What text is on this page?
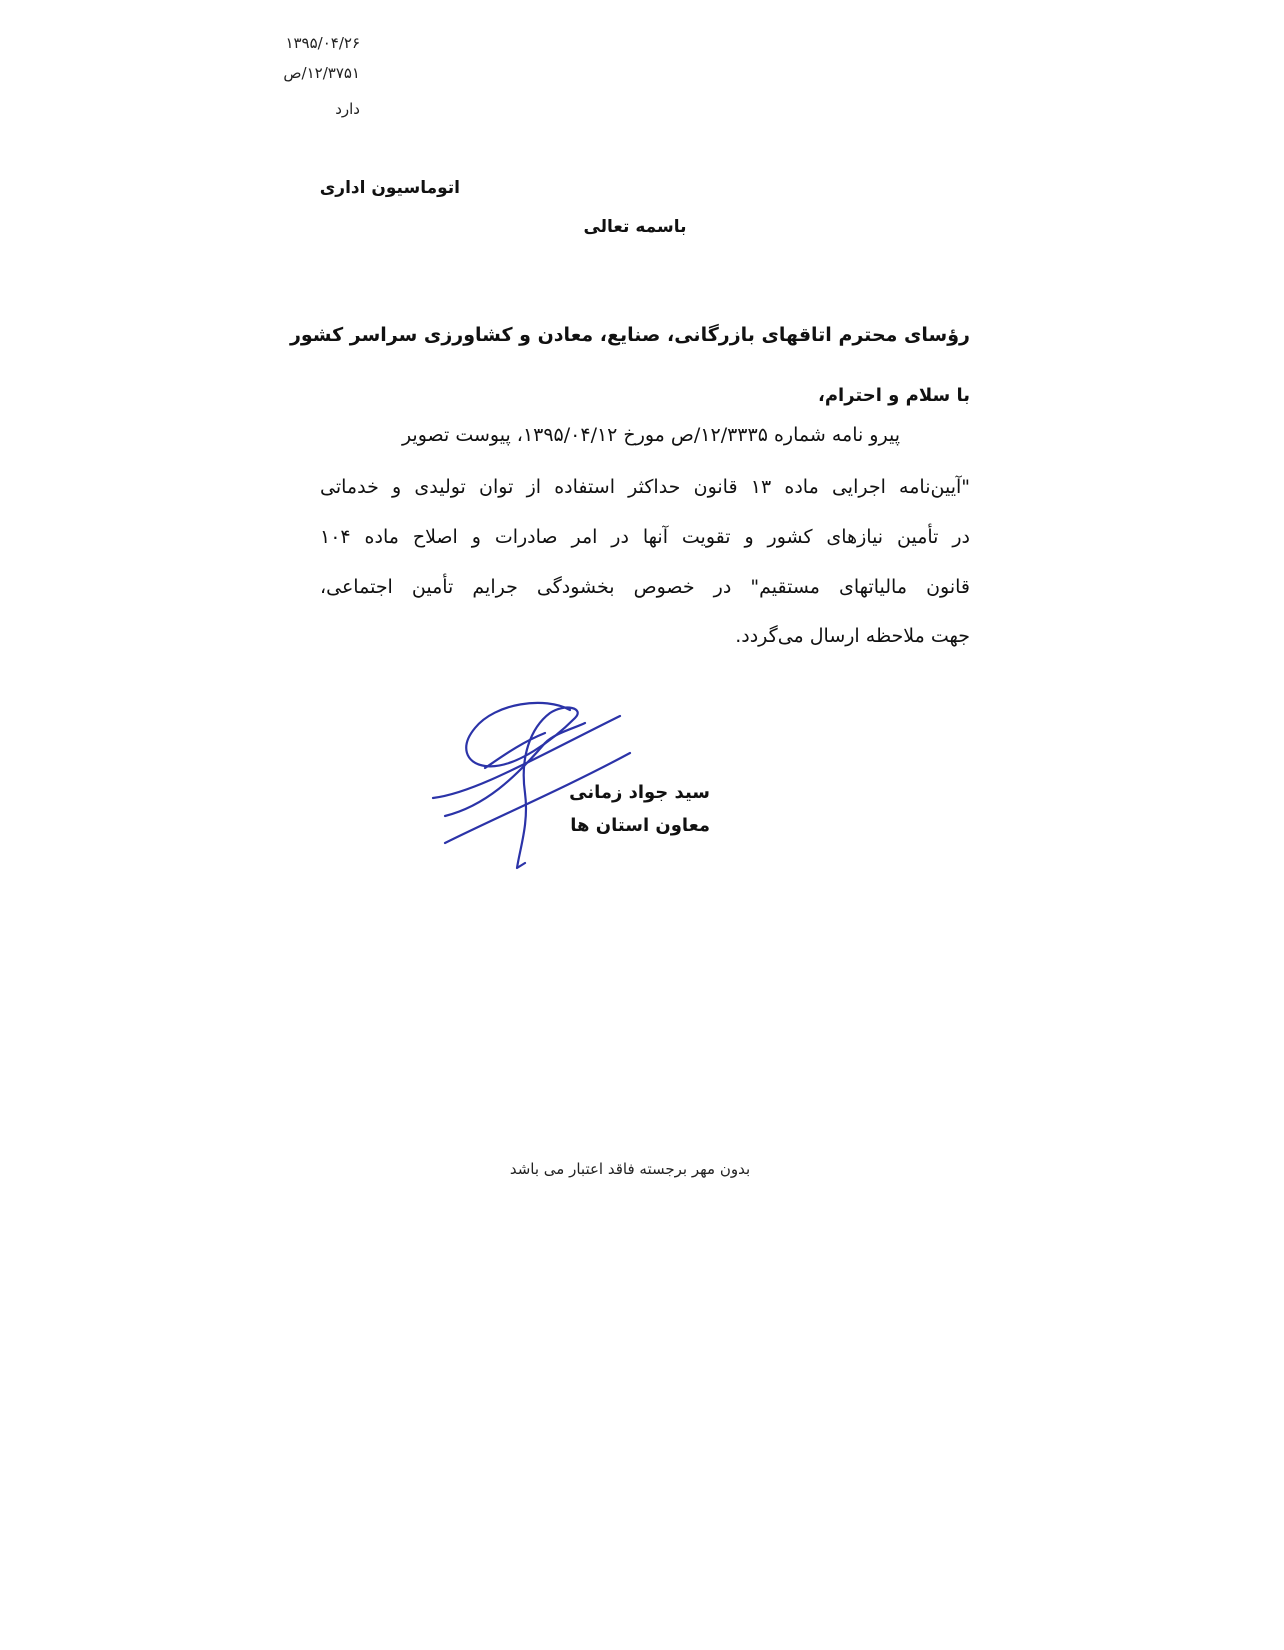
۱۳۹۵/۰۴/۲۶
۱۲/۳۷۵۱/ص
دارد
اتوماسیون اداری
باسمه تعالی
رؤسای محترم اتاقهای بازرگانی، صنایع، معادن و کشاورزی سراسر کشور
با سلام و احترام،
پیرو نامه شماره ۱۲/۳۳۳۵/ص مورخ ۱۳۹۵/۰۴/۱۲، پیوست تصویر
"آیین‌نامه اجرایی ماده ۱۳ قانون حداکثر استفاده از توان تولیدی و خدماتی
در تأمین نیازهای کشور و تقویت آنها در امر صادرات و اصلاح ماده ۱۰۴
قانون مالیاتهای مستقیم" در خصوص بخشودگی جرایم تأمین اجتماعی،
جهت ملاحظه ارسال می‌گردد.
سید جواد زمانی
معاون استان ها
بدون مهر برجسته فاقد اعتبار می باشد
